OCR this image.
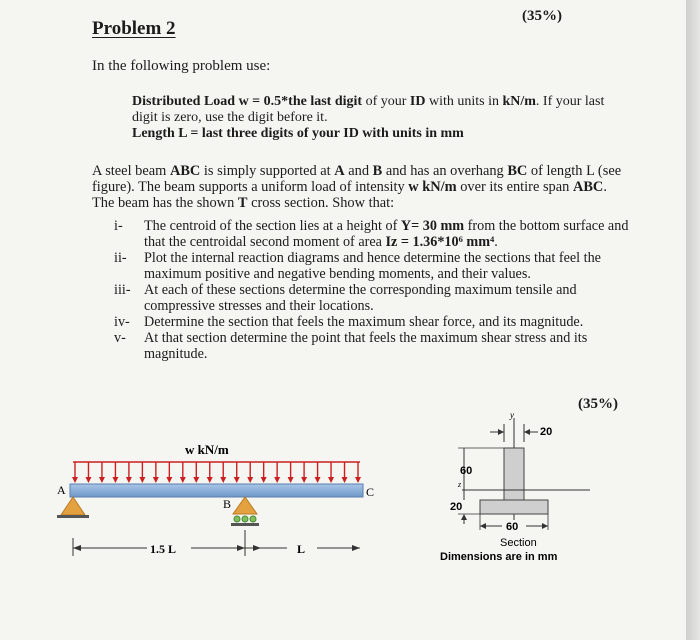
(35%)
Problem 2
In the following problem use:
Distributed Load w = 0.5*the last digit of your ID with units in kN/m. If your last digit is zero, use the digit before it.
Length L = last three digits of your ID with units in mm
A steel beam ABC is simply supported at A and B and has an overhang BC of length L (see figure). The beam supports a uniform load of intensity w kN/m over its entire span ABC. The beam has the shown T cross section. Show that:
i-	The centroid of the section lies at a height of Y= 30 mm from the bottom surface and that the centroidal second moment of area Iz = 1.36*10⁶ mm⁴.
ii-	Plot the internal reaction diagrams and hence determine the sections that feel the maximum positive and negative bending moments, and their values.
iii- At each of these sections determine the corresponding maximum tensile and compressive stresses and their locations.
iv-	Determine the section that feels the maximum shear force, and its magnitude.
v-	At that section determine the point that feels the maximum shear stress and its magnitude.
(35%)
w kN/m
A	C
B
1.5 L	L
y
20
z
60
20
60
Section
Dimensions are in mm
